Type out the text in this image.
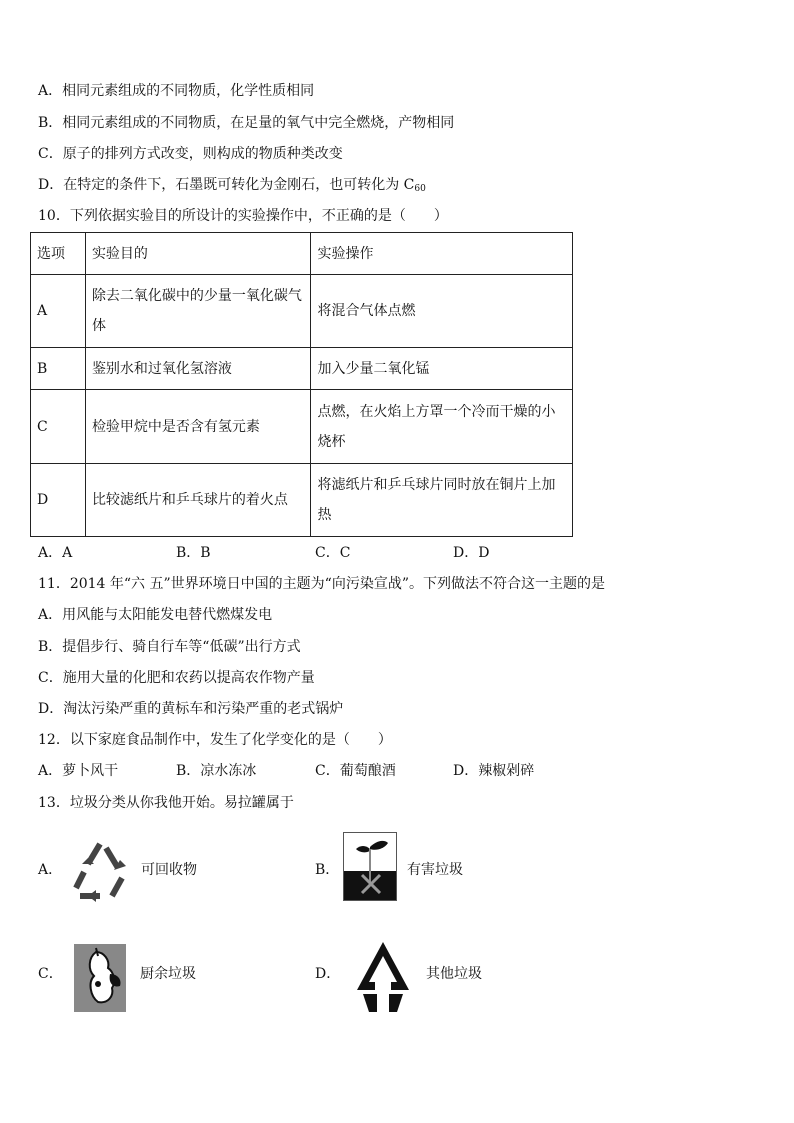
A．相同元素组成的不同物质，化学性质相同
B．相同元素组成的不同物质，在足量的氧气中完全燃烧，产物相同
C．原子的排列方式改变，则构成的物质种类改变
D．在特定的条件下，石墨既可转化为金刚石，也可转化为 $C_{60}$
10．下列依据实验目的所设计的实验操作中，不正确的是（　　）
选项	实验目的	实验操作
A	除去二氧化碳中的少量一氧化碳气体	将混合气体点燃
B	鉴别水和过氧化氢溶液	加入少量二氧化锰
C	检验甲烷中是否含有氢元素	点燃，在火焰上方罩一个冷而干燥的小烧杯
D	比较滤纸片和乒乓球片的着火点	将滤纸片和乒乓球片同时放在铜片上加热
A．A	B．B	C．C	D．D
11．2014 年“六 五”世界环境日中国的主题为“向污染宣战”。下列做法不符合这一主题的是
A．用风能与太阳能发电替代燃煤发电
B．提倡步行、骑自行车等“低碳”出行方式
C．施用大量的化肥和农药以提高农作物产量
D．淘汰污染严重的黄标车和污染严重的老式锅炉
12．以下家庭食品制作中，发生了化学变化的是（　　）
A．萝卜风干	B．凉水冻冰	C．葡萄酿酒	D．辣椒剁碎
13．垃圾分类从你我他开始。易拉罐属于
A．	可回收物	B．	有害垃圾
C．	厨余垃圾	D．	其他垃圾
